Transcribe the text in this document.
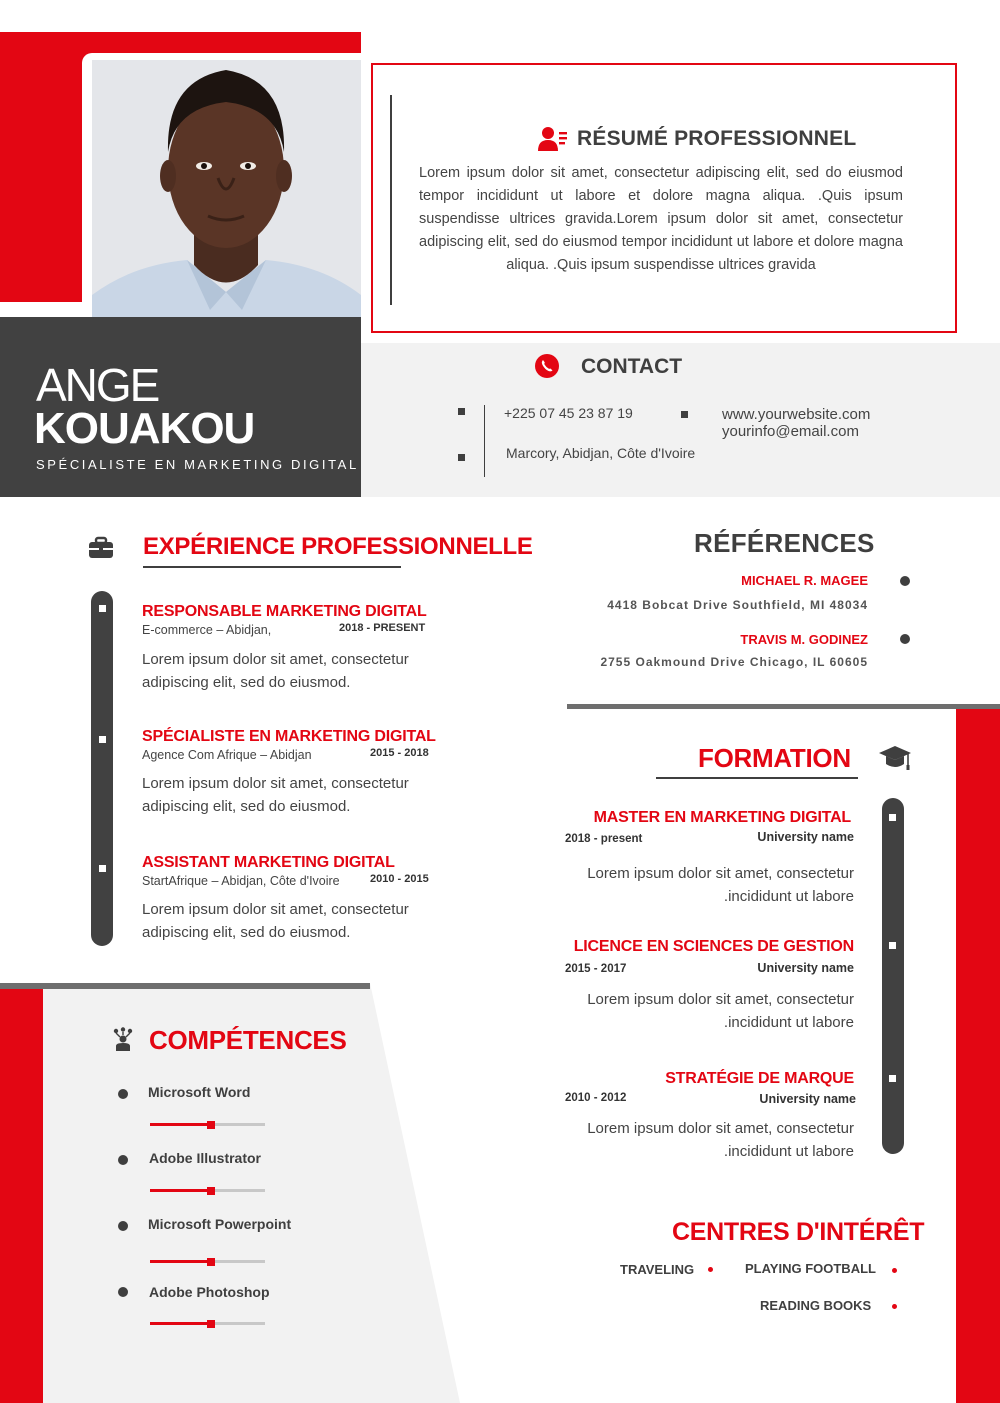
RÉSUMÉ PROFESSIONNEL

Lorem ipsum dolor sit amet, consectetur adipiscing elit, sed do eiusmod tempor incididunt ut labore et dolore magna aliqua. .Quis ipsum suspendisse ultrices gravida.Lorem ipsum dolor sit amet, consectetur adipiscing elit, sed do eiusmod tempor incididunt ut labore et dolore magna aliqua. .Quis ipsum suspendisse ultrices gravida

ANGE
KOUAKOU
SPÉCIALISTE EN MARKETING DIGITAL
CONTACT
+225 07 45 23 87 19
Marcory, Abidjan, Côte d'Ivoire
www.yourwebsite.com
yourinfo@email.com
EXPÉRIENCE PROFESSIONNELLE
RESPONSABLE MARKETING DIGITAL
E-commerce – Abidjan,	2018 - PRESENT

Lorem ipsum dolor sit amet, consectetur adipiscing elit, sed do eiusmod.

SPÉCIALISTE EN MARKETING DIGITAL
Agence Com Afrique – Abidjan	2015 - 2018

Lorem ipsum dolor sit amet, consectetur adipiscing elit, sed do eiusmod.

ASSISTANT MARKETING DIGITAL
StartAfrique – Abidjan, Côte d'Ivoire	2010 - 2015

Lorem ipsum dolor sit amet, consectetur adipiscing elit, sed do eiusmod.

COMPÉTENCES
Microsoft Word
Adobe Illustrator
Microsoft Powerpoint
Adobe Photoshop
RÉFÉRENCES
MICHAEL R. MAGEE
4418 Bobcat Drive Southfield, MI 48034
TRAVIS M. GODINEZ
2755 Oakmound Drive Chicago, IL 60605
FORMATION
MASTER EN MARKETING DIGITAL
2018 - present	University name
Lorem ipsum dolor sit amet, consectetur
.incididunt ut labore
LICENCE EN SCIENCES DE GESTION
2015 - 2017	University name
Lorem ipsum dolor sit amet, consectetur
.incididunt ut labore
STRATÉGIE DE MARQUE
2010 - 2012	University name
Lorem ipsum dolor sit amet, consectetur
.incididunt ut labore
CENTRES D'INTÉRÊT
TRAVELING	PLAYING FOOTBALL
READING BOOKS
